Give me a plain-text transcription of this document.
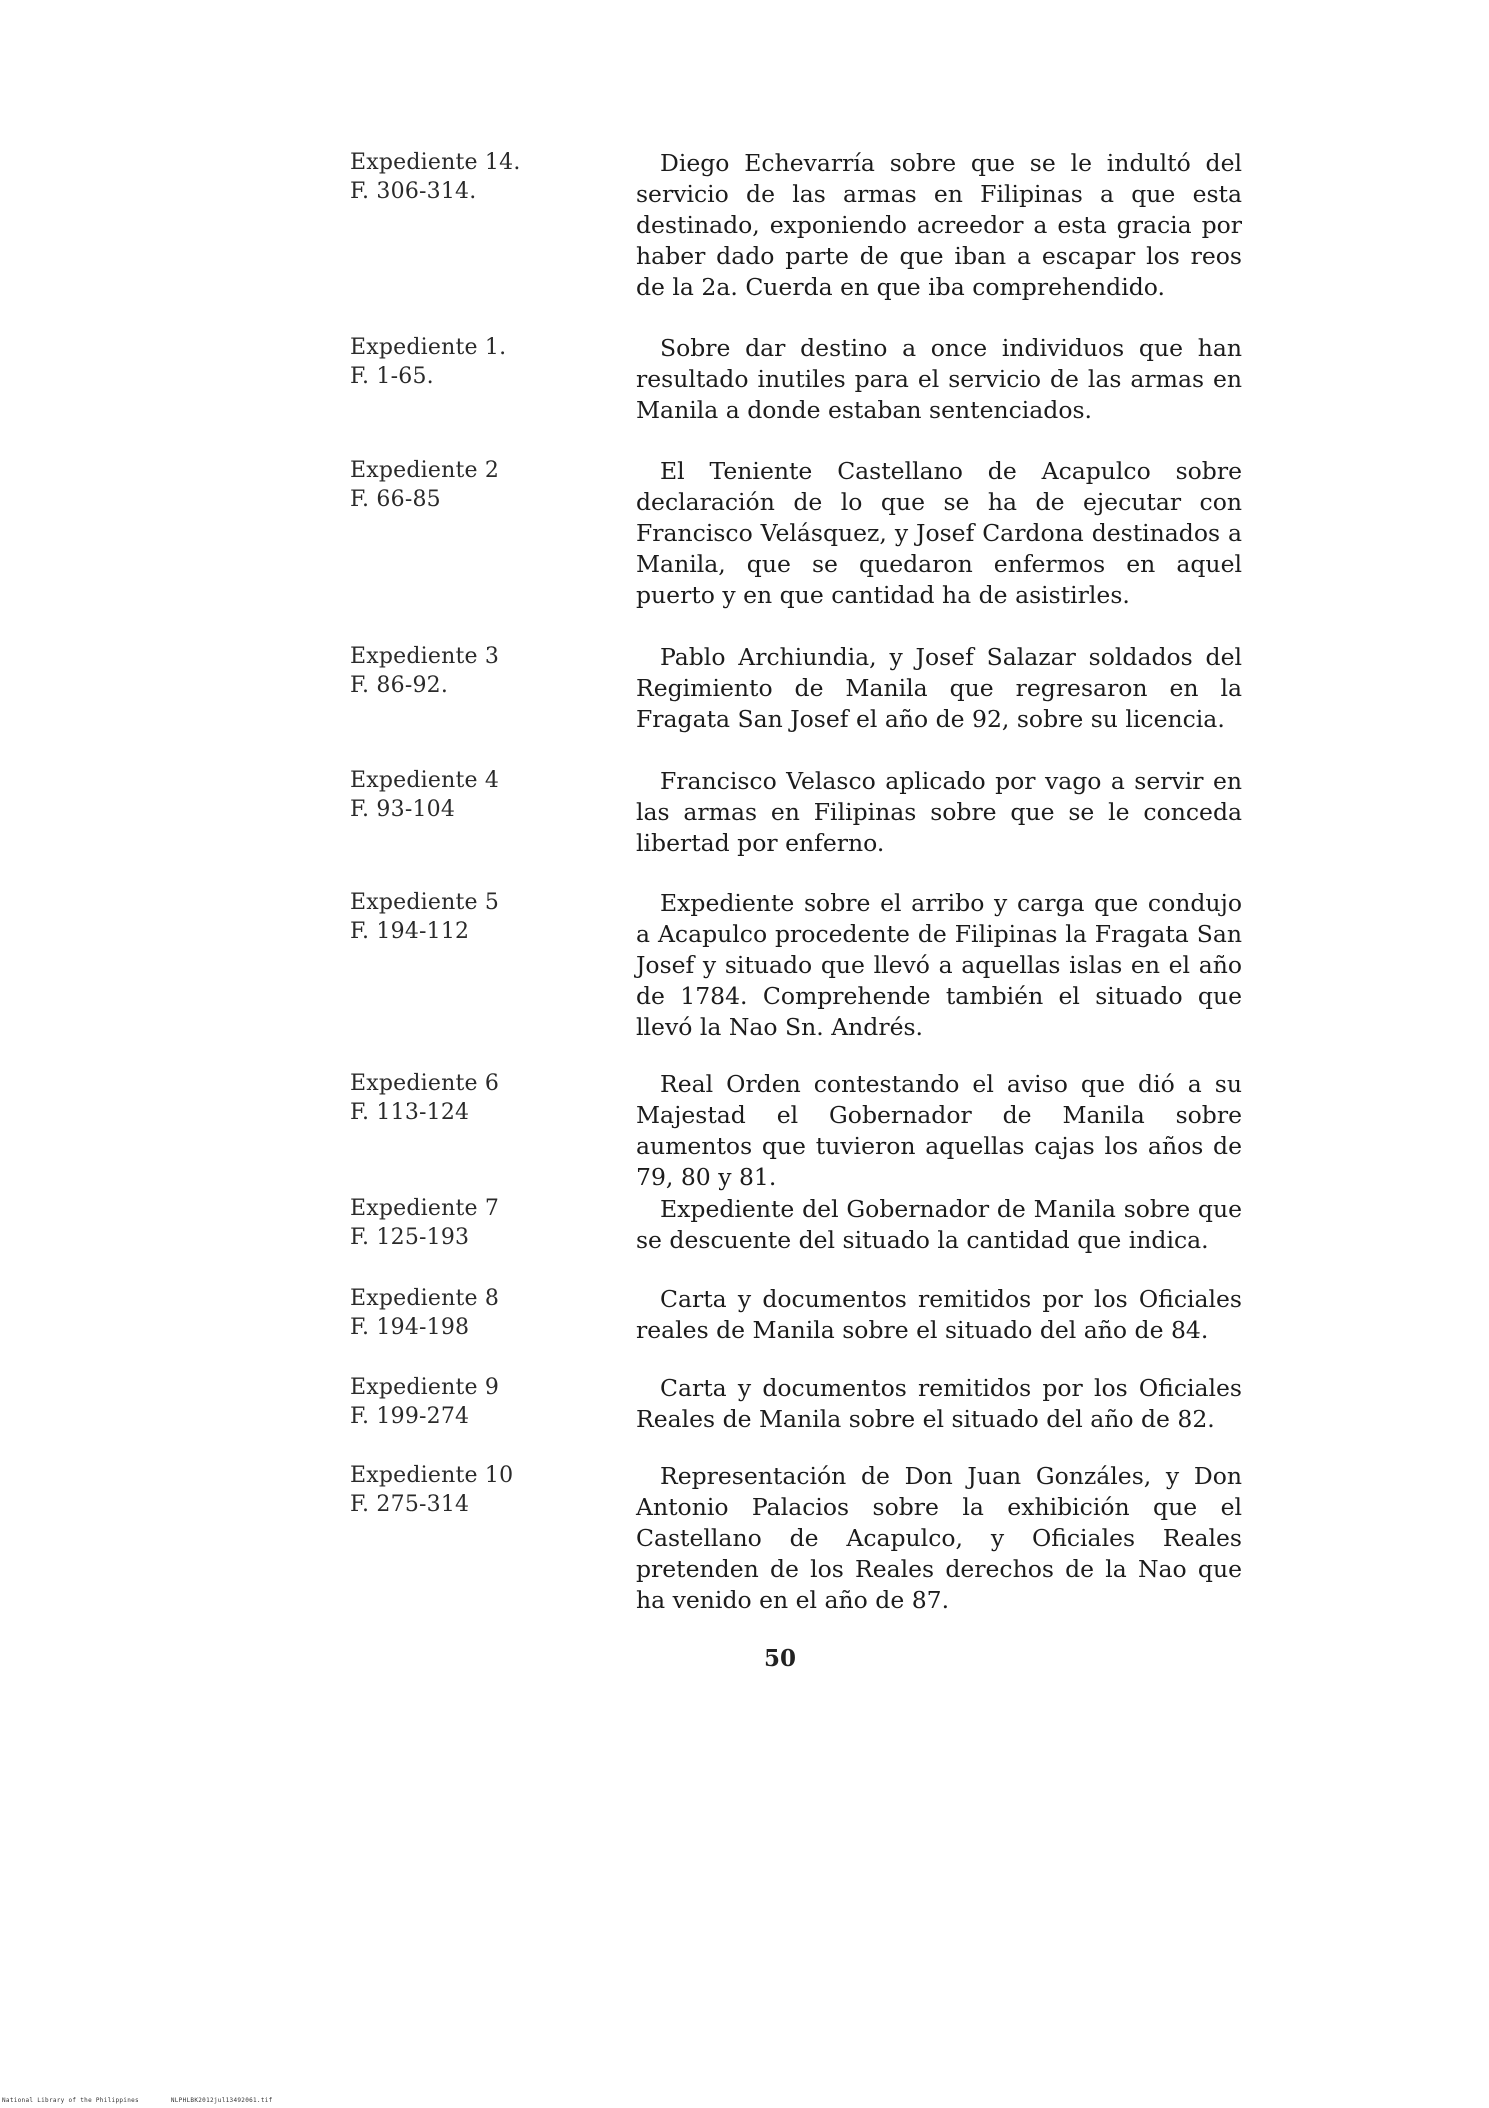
Expediente 14.
F. 306-314.
Diego Echevarría sobre que se le indultó del servicio de las armas en Filipinas a que esta destinado, exponiendo acreedor a esta gracia por haber dado parte de que iban a escapar los reos de la 2a. Cuerda en que iba comprehendido.
Expediente 1.
F. 1-65.
Sobre dar destino a once individuos que han resultado inutiles para el servicio de las armas en Manila a donde estaban sentenciados.
Expediente 2
F. 66-85
El Teniente Castellano de Acapulco sobre declaración de lo que se ha de ejecutar con Francisco Velásquez, y Josef Cardona destinados a Manila, que se quedaron enfermos en aquel puerto y en que cantidad ha de asistirles.
Expediente 3
F. 86-92.
Pablo Archiundia, y Josef Salazar soldados del Regimiento de Manila que regresaron en la Fragata San Josef el año de 92, sobre su licencia.
Expediente 4
F. 93-104
Francisco Velasco aplicado por vago a servir en las armas en Filipinas sobre que se le conceda libertad por enferno.
Expediente 5
F. 194-112
Expediente sobre el arribo y carga que condujo a Acapulco procedente de Filipinas la Fragata San Josef y situado que llevó a aquellas islas en el año de 1784. Comprehende también el situado que llevó la Nao Sn. Andrés.
Expediente 6
F. 113-124
Real Orden contestando el aviso que dió a su Majestad el Gobernador de Manila sobre aumentos que tuvieron aquellas cajas los años de 79, 80 y 81.
Expediente 7
F. 125-193
Expediente del Gobernador de Manila sobre que se descuente del situado la cantidad que indica.
Expediente 8
F. 194-198
Carta y documentos remitidos por los Oficiales reales de Manila sobre el situado del año de 84.
Expediente 9
F. 199-274
Carta y documentos remitidos por los Oficiales Reales de Manila sobre el situado del año de 82.
Expediente 10
F. 275-314
Representación de Don Juan Gonzáles, y Don Antonio Palacios sobre la exhibición que el Castellano de Acapulco, y Oficiales Reales pretenden de los Reales derechos de la Nao que ha venido en el año de 87.
50
National Library of the Philippines	NLPHLBK2012jul13492061.tif
